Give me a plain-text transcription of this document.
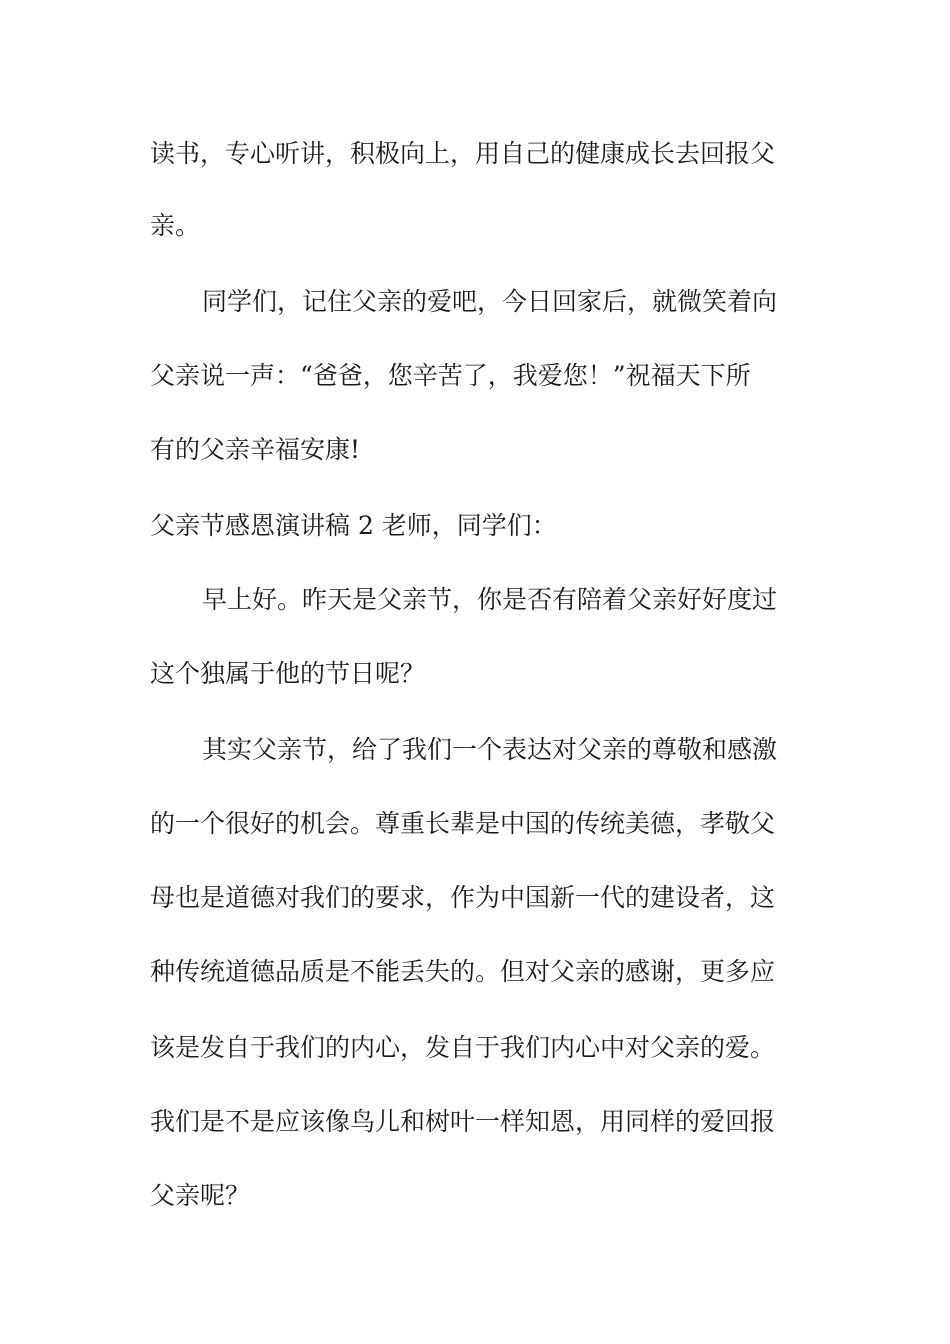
读书，专心听讲，积极向上，用自己的健康成长去回报父
亲。
同学们，记住父亲的爱吧，今日回家后，就微笑着向
父亲说一声：“爸爸，您辛苦了，我爱您！”祝福天下所
有的父亲辛福安康!
父亲节感恩演讲稿 2 老师，同学们：
早上好。昨天是父亲节，你是否有陪着父亲好好度过
这个独属于他的节日呢？
其实父亲节，给了我们一个表达对父亲的尊敬和感激
的一个很好的机会。尊重长辈是中国的传统美德，孝敬父
母也是道德对我们的要求，作为中国新一代的建设者，这
种传统道德品质是不能丢失的。但对父亲的感谢，更多应
该是发自于我们的内心，发自于我们内心中对父亲的爱。
我们是不是应该像鸟儿和树叶一样知恩，用同样的爱回报
父亲呢？
